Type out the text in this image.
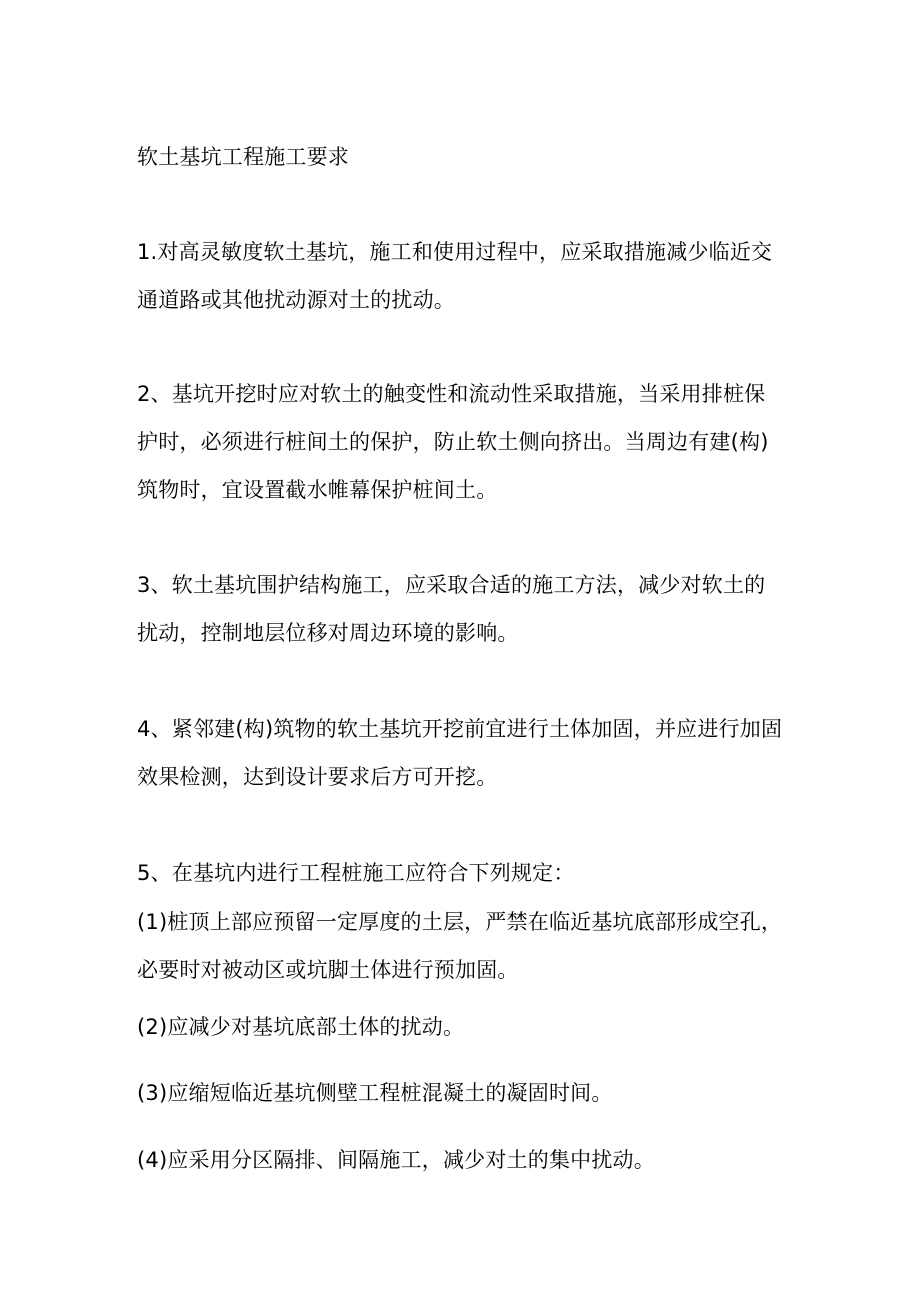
软土基坑工程施工要求
1.对高灵敏度软土基坑，施工和使用过程中，应采取措施减少临近交
通道路或其他扰动源对土的扰动。
2、基坑开挖时应对软土的触变性和流动性采取措施，当采用排桩保
护时，必须进行桩间土的保护，防止软土侧向挤出。当周边有建(构)
筑物时，宜设置截水帷幕保护桩间土。
3、软土基坑围护结构施工，应采取合适的施工方法，减少对软土的
扰动，控制地层位移对周边环境的影响。
4、紧邻建(构)筑物的软土基坑开挖前宜进行土体加固，并应进行加固
效果检测，达到设计要求后方可开挖。
5、在基坑内进行工程桩施工应符合下列规定：
(1)桩顶上部应预留一定厚度的土层，严禁在临近基坑底部形成空孔，
必要时对被动区或坑脚土体进行预加固。
(2)应减少对基坑底部土体的扰动。
(3)应缩短临近基坑侧壁工程桩混凝土的凝固时间。
(4)应采用分区隔排、间隔施工，减少对土的集中扰动。
